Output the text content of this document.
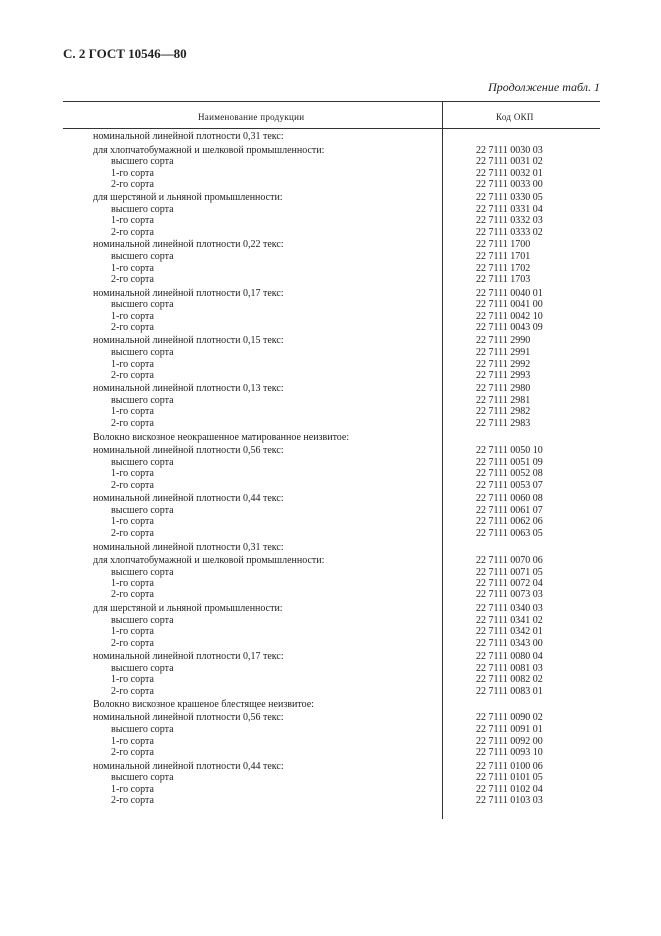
С. 2 ГОСТ 10546—80
Продолжение табл. 1
Наименование продукции	Код ОКП
номинальной линейной плотности 0,31 текс:
для хлопчатобумажной и шелковой промышленности:	22 7111 0030 03
высшего сорта	22 7111 0031 02
1-го сорта	22 7111 0032 01
2-го сорта	22 7111 0033 00
для шерстяной и льняной промышленности:	22 7111 0330 05
высшего сорта	22 7111 0331 04
1-го сорта	22 7111 0332 03
2-го сорта	22 7111 0333 02
номинальной линейной плотности 0,22 текс:	22 7111 1700
высшего сорта	22 7111 1701
1-го сорта	22 7111 1702
2-го сорта	22 7111 1703
номинальной линейной плотности 0,17 текс:	22 7111 0040 01
высшего сорта	22 7111 0041 00
1-го сорта	22 7111 0042 10
2-го сорта	22 7111 0043 09
номинальной линейной плотности 0,15 текс:	22 7111 2990
высшего сорта	22 7111 2991
1-го сорта	22 7111 2992
2-го сорта	22 7111 2993
номинальной линейной плотности 0,13 текс:	22 7111 2980
высшего сорта	22 7111 2981
1-го сорта	22 7111 2982
2-го сорта	22 7111 2983
Волокно вискозное неокрашенное матированное неизвитое:
номинальной линейной плотности 0,56 текс:	22 7111 0050 10
высшего сорта	22 7111 0051 09
1-го сорта	22 7111 0052 08
2-го сорта	22 7111 0053 07
номинальной линейной плотности 0,44 текс:	22 7111 0060 08
высшего сорта	22 7111 0061 07
1-го сорта	22 7111 0062 06
2-го сорта	22 7111 0063 05
номинальной линейной плотности 0,31 текс:
для хлопчатобумажной и шелковой промышленности:	22 7111 0070 06
высшего сорта	22 7111 0071 05
1-го сорта	22 7111 0072 04
2-го сорта	22 7111 0073 03
для шерстяной и льняной промышленности:	22 7111 0340 03
высшего сорта	22 7111 0341 02
1-го сорта	22 7111 0342 01
2-го сорта	22 7111 0343 00
номинальной линейной плотности 0,17 текс:	22 7111 0080 04
высшего сорта	22 7111 0081 03
1-го сорта	22 7111 0082 02
2-го сорта	22 7111 0083 01
Волокно вискозное крашеное блестящее неизвитое:
номинальной линейной плотности 0,56 текс:	22 7111 0090 02
высшего сорта	22 7111 0091 01
1-го сорта	22 7111 0092 00
2-го сорта	22 7111 0093 10
номинальной линейной плотности 0,44 текс:	22 7111 0100 06
высшего сорта	22 7111 0101 05
1-го сорта	22 7111 0102 04
2-го сорта	22 7111 0103 03
